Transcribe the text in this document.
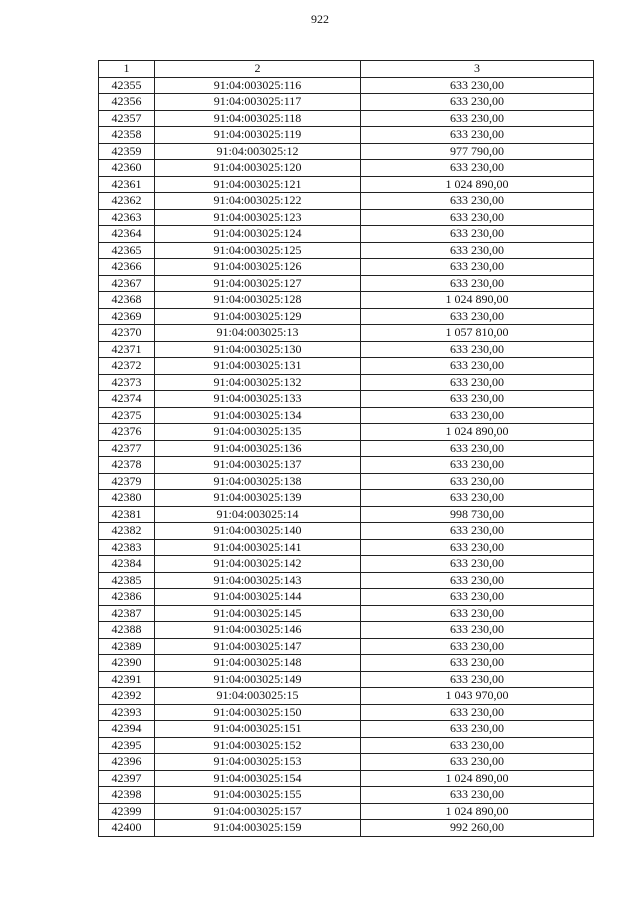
922
1	2	3
42355	91:04:003025:116	633 230,00
42356	91:04:003025:117	633 230,00
42357	91:04:003025:118	633 230,00
42358	91:04:003025:119	633 230,00
42359	91:04:003025:12	977 790,00
42360	91:04:003025:120	633 230,00
42361	91:04:003025:121	1 024 890,00
42362	91:04:003025:122	633 230,00
42363	91:04:003025:123	633 230,00
42364	91:04:003025:124	633 230,00
42365	91:04:003025:125	633 230,00
42366	91:04:003025:126	633 230,00
42367	91:04:003025:127	633 230,00
42368	91:04:003025:128	1 024 890,00
42369	91:04:003025:129	633 230,00
42370	91:04:003025:13	1 057 810,00
42371	91:04:003025:130	633 230,00
42372	91:04:003025:131	633 230,00
42373	91:04:003025:132	633 230,00
42374	91:04:003025:133	633 230,00
42375	91:04:003025:134	633 230,00
42376	91:04:003025:135	1 024 890,00
42377	91:04:003025:136	633 230,00
42378	91:04:003025:137	633 230,00
42379	91:04:003025:138	633 230,00
42380	91:04:003025:139	633 230,00
42381	91:04:003025:14	998 730,00
42382	91:04:003025:140	633 230,00
42383	91:04:003025:141	633 230,00
42384	91:04:003025:142	633 230,00
42385	91:04:003025:143	633 230,00
42386	91:04:003025:144	633 230,00
42387	91:04:003025:145	633 230,00
42388	91:04:003025:146	633 230,00
42389	91:04:003025:147	633 230,00
42390	91:04:003025:148	633 230,00
42391	91:04:003025:149	633 230,00
42392	91:04:003025:15	1 043 970,00
42393	91:04:003025:150	633 230,00
42394	91:04:003025:151	633 230,00
42395	91:04:003025:152	633 230,00
42396	91:04:003025:153	633 230,00
42397	91:04:003025:154	1 024 890,00
42398	91:04:003025:155	633 230,00
42399	91:04:003025:157	1 024 890,00
42400	91:04:003025:159	992 260,00
